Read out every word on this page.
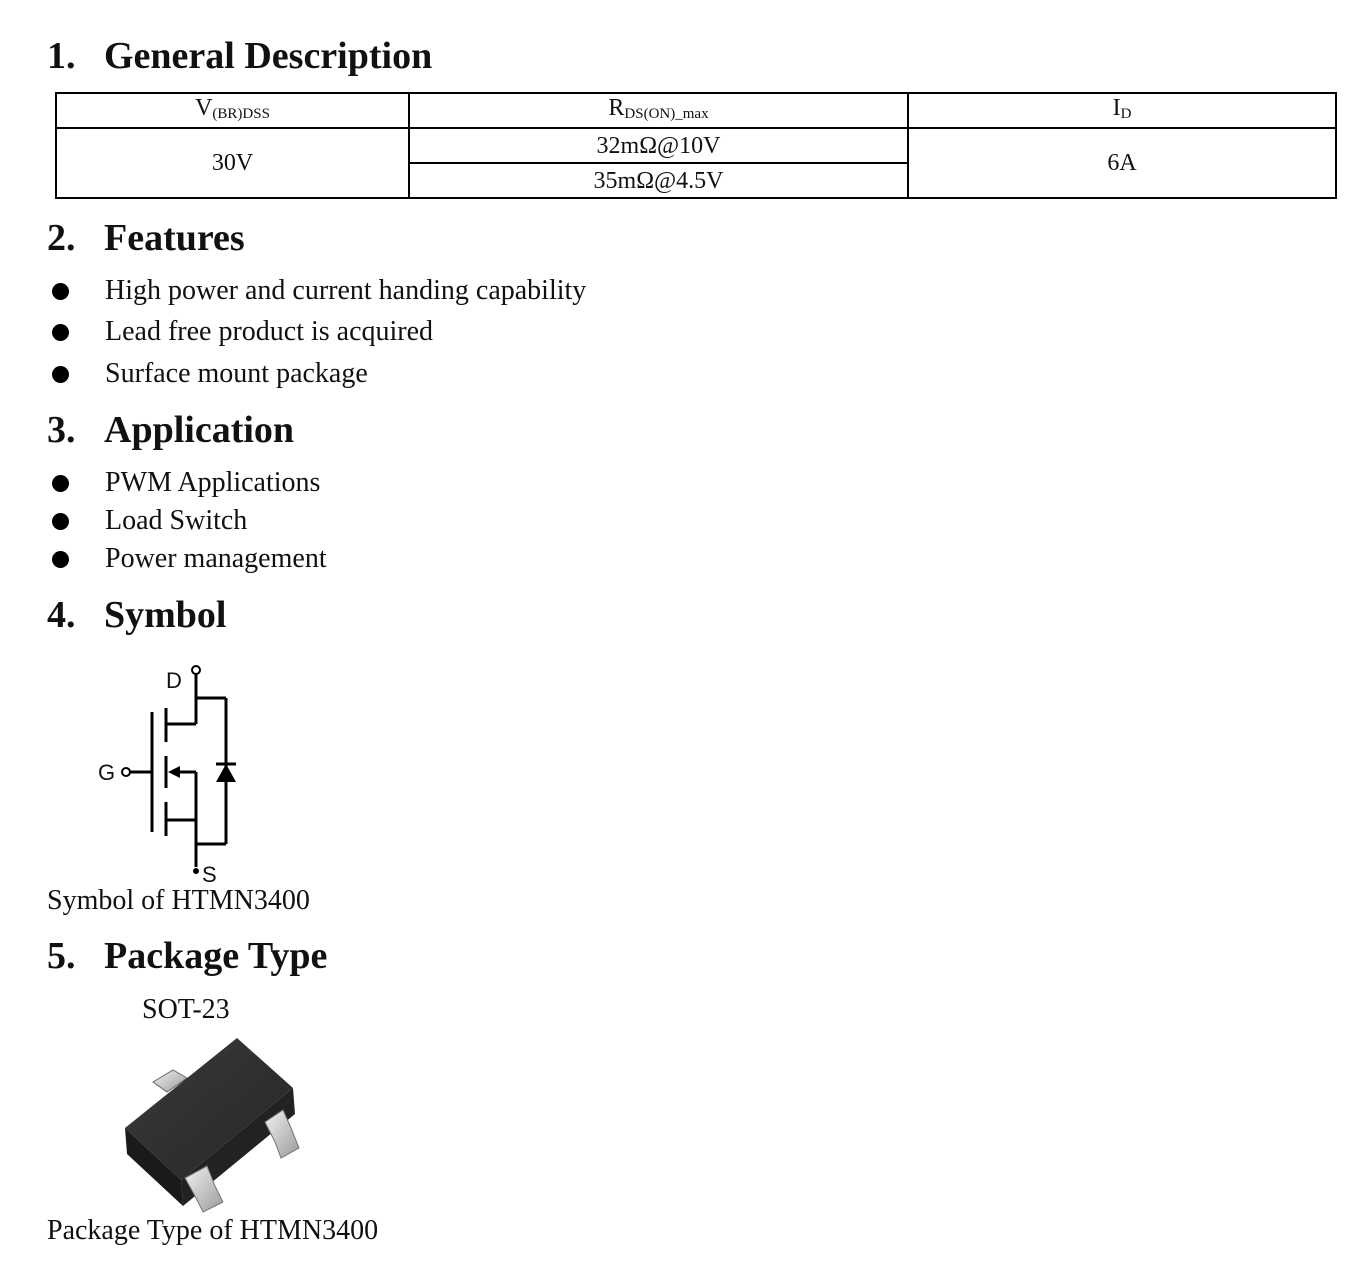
1. General Description
$V_{(BR)DSS}$	$R_{DS(ON)\_max}$	$I_D$
30V	32mΩ@10V	6A
	35mΩ@4.5V	
2. Features
High power and current handing capability
Lead free product is acquired
Surface mount package
3. Application
PWM Applications
Load Switch
Power management
4. Symbol
D
G
S
Symbol of HTMN3400
5. Package Type
SOT-23
Package Type of HTMN3400
